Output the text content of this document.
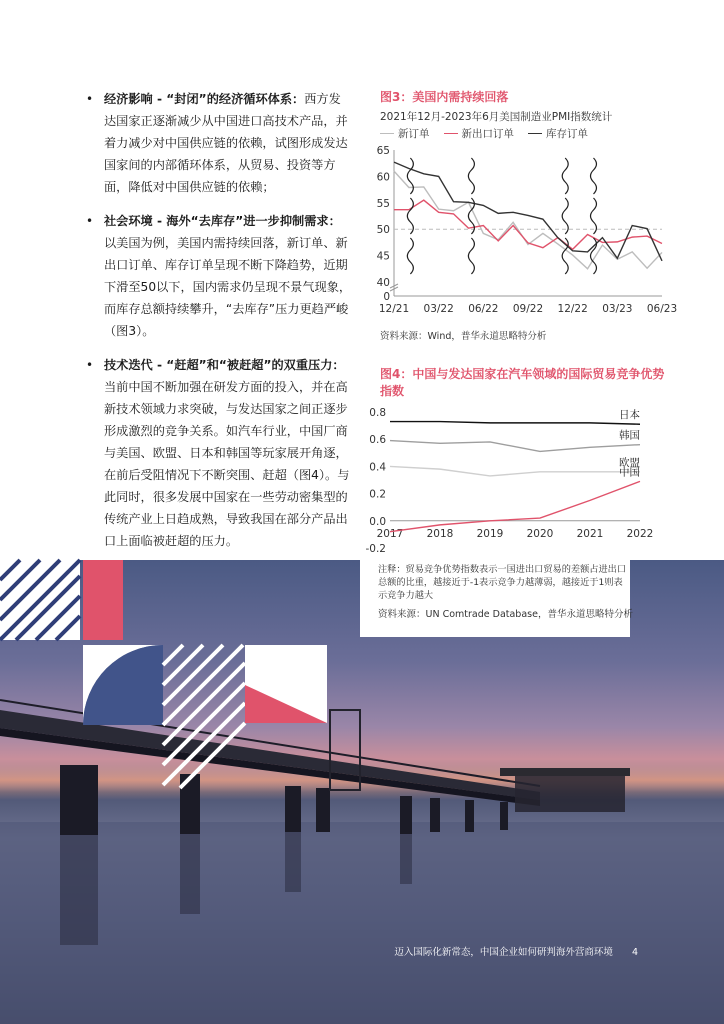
• 经济影响 - “封闭”的经济循环体系：西方发达国家正逐渐减少从中国进口高技术产品，并着力减少对中国供应链的依赖，试图形成发达国家间的内部循环体系，从贸易、投资等方面，降低对中国供应链的依赖；
• 社会环境 - 海外“去库存”进一步抑制需求：以美国为例，美国内需持续回落，新订单、新出口订单、库存订单呈现不断下降趋势，近期下滑至50以下，国内需求仍呈现不景气现象，而库存总额持续攀升，“去库存”压力更趋严峻（图3）。
• 技术迭代 - “赶超”和“被赶超”的双重压力：当前中国不断加强在研发方面的投入，并在高新技术领域力求突破，与发达国家之间正逐步形成激烈的竞争关系。如汽车行业，中国厂商与美国、欧盟、日本和韩国等玩家展开角逐，在前后受阻情况下不断突围、赶超（图4）。与此同时，很多发展中国家在一些劳动密集型的传统产业上日趋成熟，导致我国在部分产品出口上面临被赶超的压力。
图3：美国内需持续回落
2021年12月-2023年6月美国制造业PMI指数统计
新订单	新出口订单	库存订单
0
40
45
50
55
60
65
12/21 03/22 06/22 09/22 12/22 03/23 06/23
资料来源：Wind，普华永道思略特分析
图4：中国与发达国家在汽车领域的国际贸易竞争优势指数
-0.2
0.0
0.2
0.4
0.6
0.8
2017 2018 2019 2020 2021 2022
日本
韩国
欧盟
中国
注释：贸易竞争优势指数表示一国进出口贸易的差额占进出口总额的比重，越接近于-1表示竞争力越薄弱，越接近于1则表示竞争力越大
资料来源：UN Comtrade Database，普华永道思略特分析
迈入国际化新常态，中国企业如何研判海外营商环境 4
